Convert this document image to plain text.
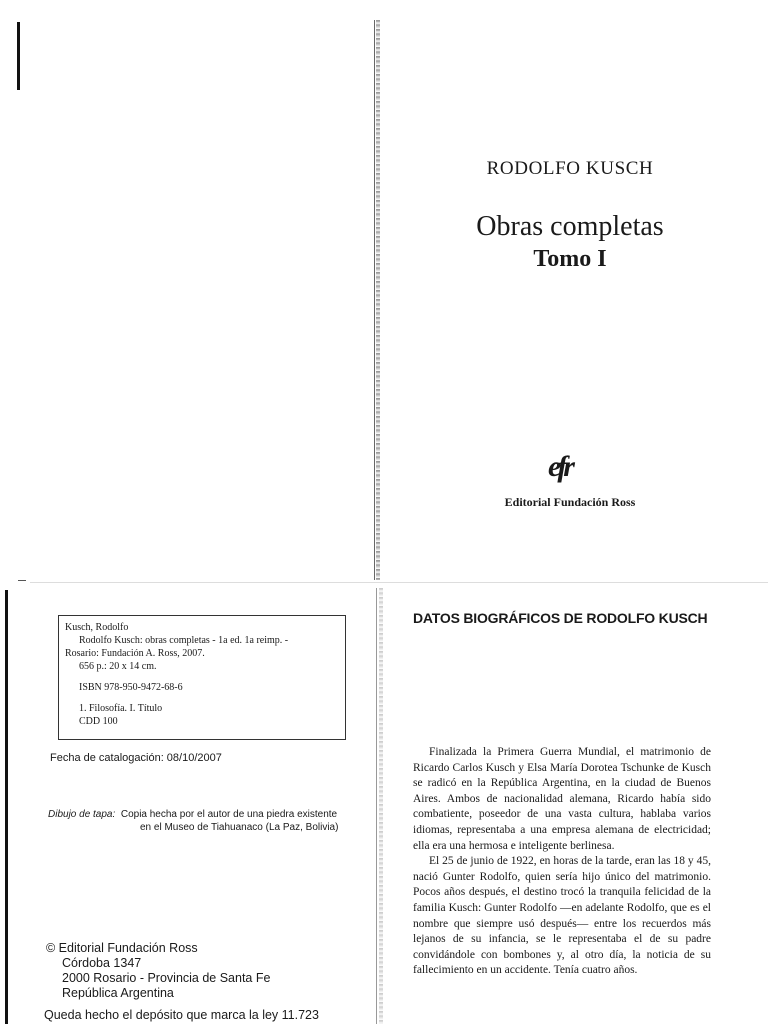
RODOLFO KUSCH
Obras completas
Tomo I
efr
Editorial Fundación Ross
Kusch, Rodolfo
Rodolfo Kusch: obras completas - 1a ed. 1a reimp. -
Rosario: Fundación A. Ross, 2007.
656 p.: 20 x 14 cm.
ISBN 978-950-9472-68-6
1. Filosofía. I. Título
CDD 100
Fecha de catalogación: 08/10/2007
Dibujo de tapa: Copia hecha por el autor de una piedra existente
en el Museo de Tiahuanaco (La Paz, Bolivia)
© Editorial Fundación Ross
Córdoba 1347
2000 Rosario - Provincia de Santa Fe
República Argentina
Queda hecho el depósito que marca la ley 11.723
DATOS BIOGRÁFICOS DE RODOLFO KUSCH

Finalizada la Primera Guerra Mundial, el matrimonio de Ricardo Carlos Kusch y Elsa María Dorotea Tschunke de Kusch se radicó en la República Argentina, en la ciudad de Buenos Aires. Ambos de nacionalidad alemana, Ricardo había sido combatiente, poseedor de una vasta cultura, hablaba varios idiomas, representaba a una empresa alemana de electricidad; ella era una hermosa e inteligente berlinesa.

El 25 de junio de 1922, en horas de la tarde, eran las 18 y 45, nació Gunter Rodolfo, quien sería hijo único del matrimonio. Pocos años después, el destino trocó la tranquila felicidad de la familia Kusch: Gunter Rodolfo —en adelante Rodolfo, que es el nombre que siempre usó después— entre los recuerdos más lejanos de su infancia, se le representaba el de su padre convidándole con bombones y, al otro día, la noticia de su fallecimiento en un accidente. Tenía cuatro años.
